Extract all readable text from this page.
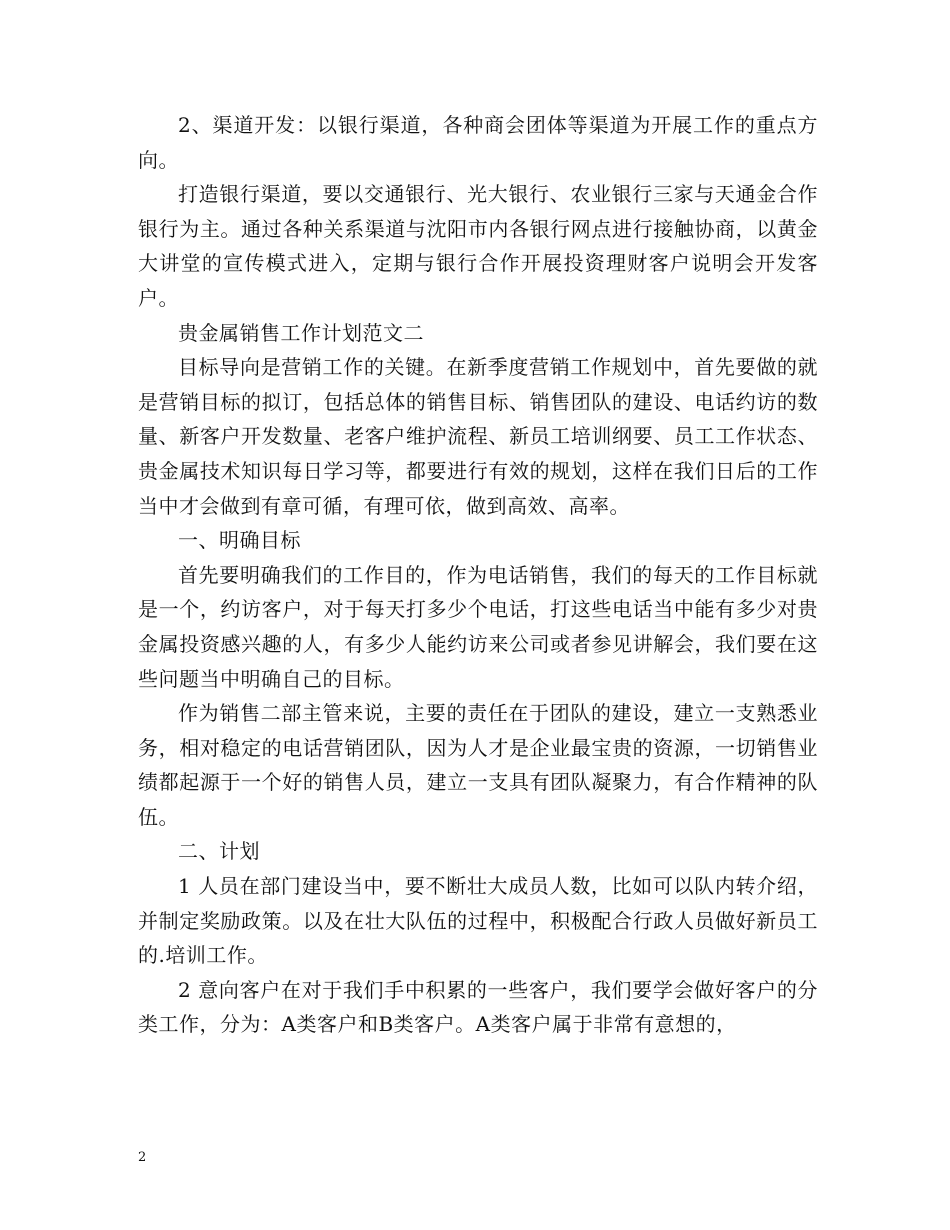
2、渠道开发：以银行渠道，各种商会团体等渠道为开展工作的重点方向。

打造银行渠道，要以交通银行、光大银行、农业银行三家与天通金合作银行为主。通过各种关系渠道与沈阳市内各银行网点进行接触协商，以黄金大讲堂的宣传模式进入，定期与银行合作开展投资理财客户说明会开发客户。

贵金属销售工作计划范文二

目标导向是营销工作的关键。在新季度营销工作规划中，首先要做的就是营销目标的拟订，包括总体的销售目标、销售团队的建设、电话约访的数量、新客户开发数量、老客户维护流程、新员工培训纲要、员工工作状态、贵金属技术知识每日学习等，都要进行有效的规划，这样在我们日后的工作当中才会做到有章可循，有理可依，做到高效、高率。

一、明确目标

首先要明确我们的工作目的，作为电话销售，我们的每天的工作目标就是一个，约访客户，对于每天打多少个电话，打这些电话当中能有多少对贵金属投资感兴趣的人，有多少人能约访来公司或者参见讲解会，我们要在这些问题当中明确自己的目标。

作为销售二部主管来说，主要的责任在于团队的建设，建立一支熟悉业务，相对稳定的电话营销团队，因为人才是企业最宝贵的资源，一切销售业绩都起源于一个好的销售人员，建立一支具有团队凝聚力，有合作精神的队伍。

二、计划

1 人员在部门建设当中，要不断壮大成员人数，比如可以队内转介绍，并制定奖励政策。以及在壮大队伍的过程中，积极配合行政人员做好新员工的.培训工作。

2 意向客户在对于我们手中积累的一些客户，我们要学会做好客户的分类工作，分为：A类客户和B类客户。A类客户属于非常有意想的，

2
